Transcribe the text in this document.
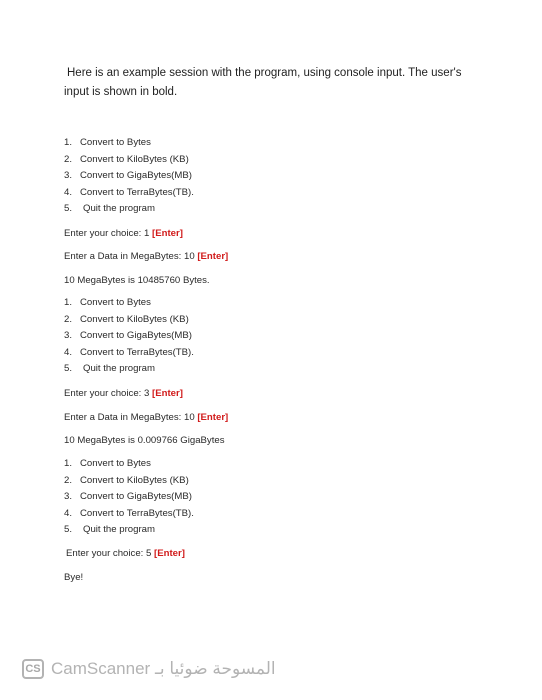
Here is an example session with the program, using console input. The user's
input is shown in bold.
1. Convert to Bytes
2. Convert to KiloBytes (KB)
3. Convert to GigaBytes(MB)
4. Convert to TerraBytes(TB).
5. Quit the program

Enter your choice: 1 [Enter]

Enter a Data in MegaBytes: 10 [Enter]

10 MegaBytes is 10485760 Bytes.

1. Convert to Bytes
2. Convert to KiloBytes (KB)
3. Convert to GigaBytes(MB)
4. Convert to TerraBytes(TB).
5. Quit the program

Enter your choice: 3 [Enter]

Enter a Data in MegaBytes: 10 [Enter]

10 MegaBytes is 0.009766 GigaBytes

1. Convert to Bytes
2. Convert to KiloBytes (KB)
3. Convert to GigaBytes(MB)
4. Convert to TerraBytes(TB).
5. Quit the program

Enter your choice: 5 [Enter]

Bye!

CS CamScanner المسوحة ضوئيا بـ
